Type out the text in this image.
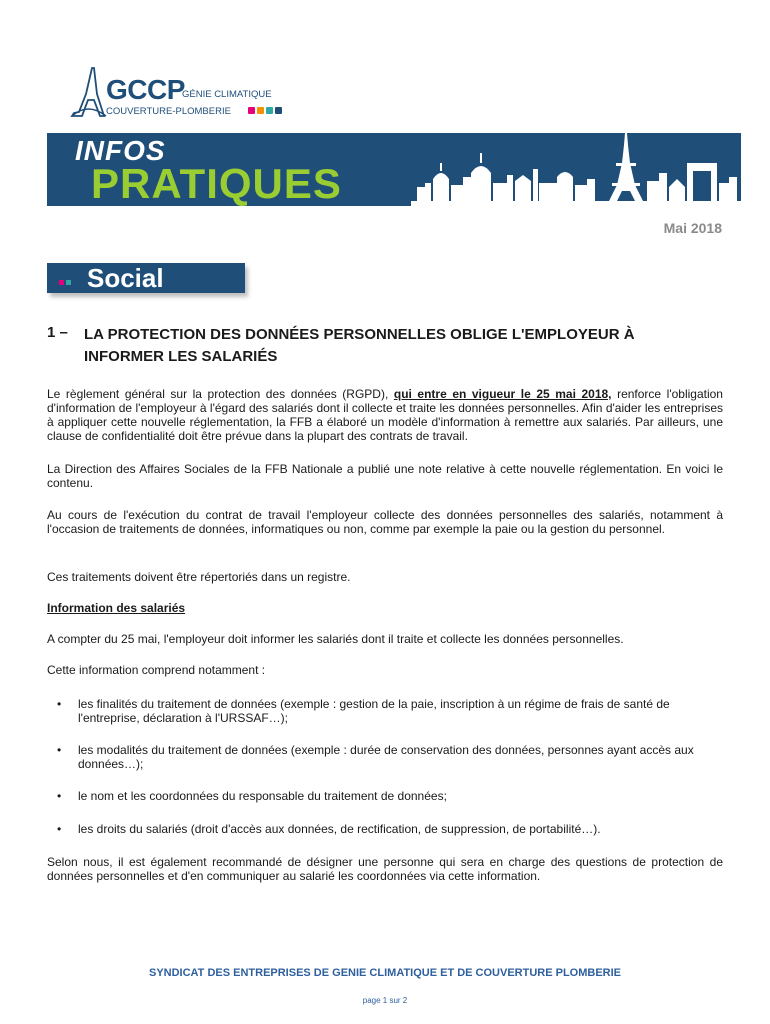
GCCP
GÉNIE CLIMATIQUE
COUVERTURE-PLOMBERIE
INFOS
PRATIQUES
Mai 2018
Social
1 – LA PROTECTION DES DONNÉES PERSONNELLES OBLIGE L'EMPLOYEUR À INFORMER LES SALARIÉS
Le règlement général sur la protection des données (RGPD), qui entre en vigueur le 25 mai 2018, renforce l'obligation d'information de l'employeur à l'égard des salariés dont il collecte et traite les données personnelles. Afin d'aider les entreprises à appliquer cette nouvelle réglementation, la FFB a élaboré un modèle d'information à remettre aux salariés. Par ailleurs, une clause de confidentialité doit être prévue dans la plupart des contrats de travail.
La Direction des Affaires Sociales de la FFB Nationale a publié une note relative à cette nouvelle réglementation. En voici le contenu.
Au cours de l'exécution du contrat de travail l'employeur collecte des données personnelles des salariés, notamment à l'occasion de traitements de données, informatiques ou non, comme par exemple la paie ou la gestion du personnel.
Ces traitements doivent être répertoriés dans un registre.
Information des salariés
A compter du 25 mai, l'employeur doit informer les salariés dont il traite et collecte les données personnelles.
Cette information comprend notamment :
• les finalités du traitement de données (exemple : gestion de la paie, inscription à un régime de frais de santé de l'entreprise, déclaration à l'URSSAF…);
• les modalités du traitement de données (exemple : durée de conservation des données, personnes ayant accès aux données…);
• le nom et les coordonnées du responsable du traitement de données;
• les droits du salariés (droit d'accès aux données, de rectification, de suppression, de portabilité…).
Selon nous, il est également recommandé de désigner une personne qui sera en charge des questions de protection de données personnelles et d'en communiquer au salarié les coordonnées via cette information.
SYNDICAT DES ENTREPRISES DE GENIE CLIMATIQUE ET DE COUVERTURE PLOMBERIE
page 1 sur 2
